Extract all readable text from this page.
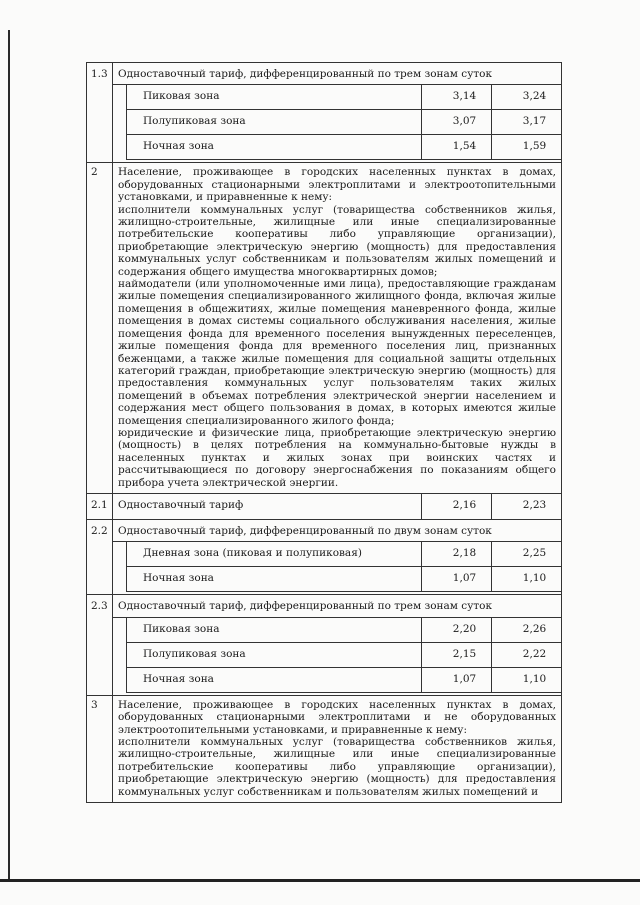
1.3	Одноставочный тариф, дифференцированный по трем зонам суток			
		Пиковая зона	3,14	3,24
		Полупиковая зона	3,07	3,17
		Ночная зона	1,54	1,59

2	Население, проживающее в городских населенных пунктах в домах, оборудованных стационарными электроплитами и электроотопительными установками, и приравненные к нему:

исполнители коммунальных услуг (товарищества собственников жилья, жилищно-строительные, жилищные или иные специализированные потребительские кооперативы либо управляющие организации), приобретающие электрическую энергию (мощность) для предоставления коммунальных услуг собственникам и пользователям жилых помещений и содержания общего имущества многоквартирных домов;

наймодатели (или уполномоченные ими лица), предоставляющие гражданам жилые помещения специализированного жилищного фонда, включая жилые помещения в общежитиях, жилые помещения маневренного фонда, жилые помещения в домах системы социального обслуживания населения, жилые помещения фонда для временного поселения вынужденных переселенцев, жилые помещения фонда для временного поселения лиц, признанных беженцами, а также жилые помещения для социальной защиты отдельных категорий граждан, приобретающие электрическую энергию (мощность) для предоставления коммунальных услуг пользователям таких жилых помещений в объемах потребления электрической энергии населением и содержания мест общего пользования в домах, в которых имеются жилые помещения специализированного жилого фонда;

юридические и физические лица, приобретающие электрическую энергию (мощность) в целях потребления на коммунально-бытовые нужды в населенных пунктах и жилых зонах при воинских частях и рассчитывающиеся по договору энергоснабжения по показаниям общего прибора учета электрической энергии.			

2.1	Одноставочный тариф		2,16	2,23
2.2	Одноставочный тариф, дифференцированный по двум зонам суток			
		Дневная зона (пиковая и полупиковая)	2,18	2,25
		Ночная зона	1,07	1,10

2.3	Одноставочный тариф, дифференцированный по трем зонам суток			
		Пиковая зона	2,20	2,26
		Полупиковая зона	2,15	2,22
		Ночная зона	1,07	1,10

3	Население, проживающее в городских населенных пунктах в домах, оборудованных стационарными электроплитами и не оборудованных электроотопительными установками, и приравненные к нему:

исполнители коммунальных услуг (товарищества собственников жилья, жилищно-строительные, жилищные или иные специализированные потребительские кооперативы либо управляющие организации), приобретающие электрическую энергию (мощность) для предоставления коммунальных услуг собственникам и пользователям жилых помещений и			
